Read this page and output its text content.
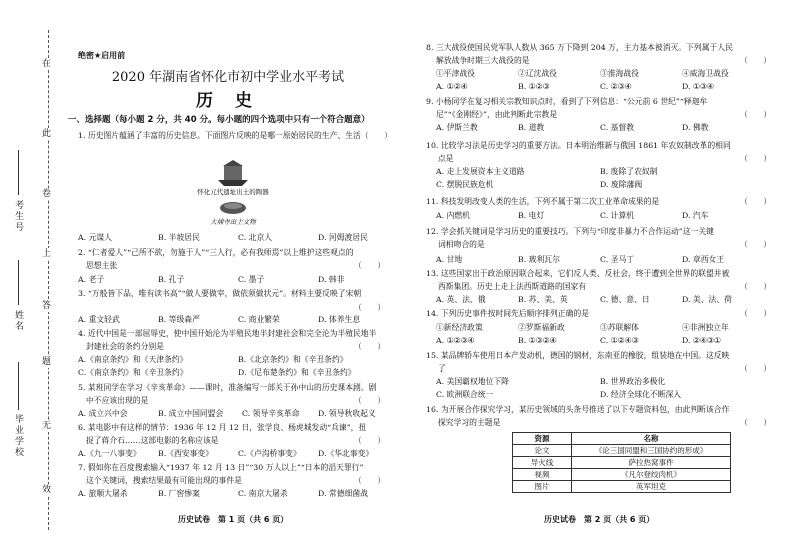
在
此
卷
上
答
题
无
效
考生号
姓名
毕业学校
绝密★启用前
2020 年湖南省怀化市初中学业水平考试
历 史
一、选择题（每小题 2 分，共 40 分。每小题的四个选项中只有一个符合题意）
1. 历史图片蕴涵了丰富的历史信息。下面图片反映的是哪一原始居民的生产、生活（　　）
怀化元代遗址出土的陶器
大埔寺出土文物
A. 元谋人	B. 半坡居民	C. 北京人	D. 河姆渡居民
2. “仁者爱人”“己所不欲，勿施于人”“三人行，必有我师焉”以上维护这些观点的
思想主张	（　　）
A. 老子	B. 孔子	C. 墨子	D. 韩非
3. “万般皆下品，唯有读书高”“做人要做宰，做依须做状元”。材料主要反映了宋朝
（　　）
A. 重文轻武	B. 等级森严	C. 商业繁荣	D. 体养生息
4. 近代中国是一部屈辱史，使中国开始沦为半殖民地半封建社会和完全沦为半殖民地半
封建社会的条约分别是	（　　）
A.《南京条约》和《天津条约》	B.《北京条约》和《辛丑条约》
C.《南京条约》和《辛丑条约》	D.《尼布楚条约》和《辛丑条约》
5. 某班同学在学习《辛亥革命》——课时，准备编写一部关于孙中山的历史课本剧。剧
中不应该出现的是	（　　）
A. 成立兴中会	B. 成立中国同盟会 C. 领导辛亥革命 D. 领导秋收起义
6. 某电影中有这样的情节：1936 年 12 月 12 日，张学良、杨虎城发动“兵谏”，扭
捉了蒋介石……这部电影的名称应该是	（　　）
A.《九一八事变》 B.《西安事变》	C.《卢沟桥事变》 D.《华北事变》
7. 假如你在百度搜索输入“1937 年 12 月 13 日”“30 万人以上”“日本的滔天罪行”
这个关键词，搜索结果最有可能出现的事件是	（　　）
A. 旅顺大屠杀	B. 厂窖惨案	C. 南京大屠杀	D. 常德细菌战
历史试卷　第 1 页（共 6 页）
8. 三大战役使国民党军队人数从 365 万下降到 204 万，主力基本被消灭。下列属于人民
解放战争时期三大战役的是	（　　）
①平津战役	②辽沈战役	③淮海战役	④威海卫战役
A. ①②④	B. ①②③	C. ②③④	D. ①③④
9. 小杨同学在复习相关宗教知识点时，看到了下列信息：“公元前 6 世纪”“释迦牟
尼”“《金刚经》”，由此判断此宗教是	（　　）
A. 伊斯兰教	B. 道教	C. 基督教	D. 佛教
10. 比较学习法是历史学习的重要方法。日本明治维新与俄国 1861 年农奴制改革的相同
点是	（　　）
A. 走上发展资本主义道路	B. 废除了农奴制
C. 摆脱民族危机	D. 废除藩阀
11. 科技发明改变人类的生活，下列不属于第二次工业革命成果的是	（　　）
A. 内燃机	B. 电灯	C. 计算机	D. 汽车
12. 学会抓关键词是学习历史的重要技巧。下列与“印度非暴力不合作运动”这一关键
词相吻合的是	（　　）
A. 甘地	B. 玻利瓦尔	C. 圣马丁	D. 章西女王
13. 这些国家出于政治原因联合起来，它们反人类、反社会，终于遭到全世界的联盟并被
西斯集团。历史上走上法西斯道路的国家有	（　　）
A. 英、法、俄	B. 苏、美、英	C. 德、意、日	D. 美、法、荷
14. 下列历史事件按时间先后顺序排列正确的是	（　　）
①新经济政策	②罗斯福新政	③苏联解体	④非洲独立年
A. ①②③④	B. ①③②④	C. ①②④③	D. ②④③①
15. 某品牌轿车使用日本产发动机，德国的钢材，东南亚的橡胶，组装地在中国。这反映
了	（　　）
A. 美国霸权地位下降	B. 世界政治多极化
C. 欧洲联合统一	D. 经济全球化不断深入
16. 为开展合作探究学习，某历史领域的头条号推送了以下专题资料包，由此判断该合作
探究学习的主题是	（　　）
资源	名称
论文	《论三国同盟和三国协约的形成》
导火线	萨拉热窝事件
视频	《凡尔登绞肉机》
图片	英军坦克
历史试卷　第 2 页（共 6 页）
